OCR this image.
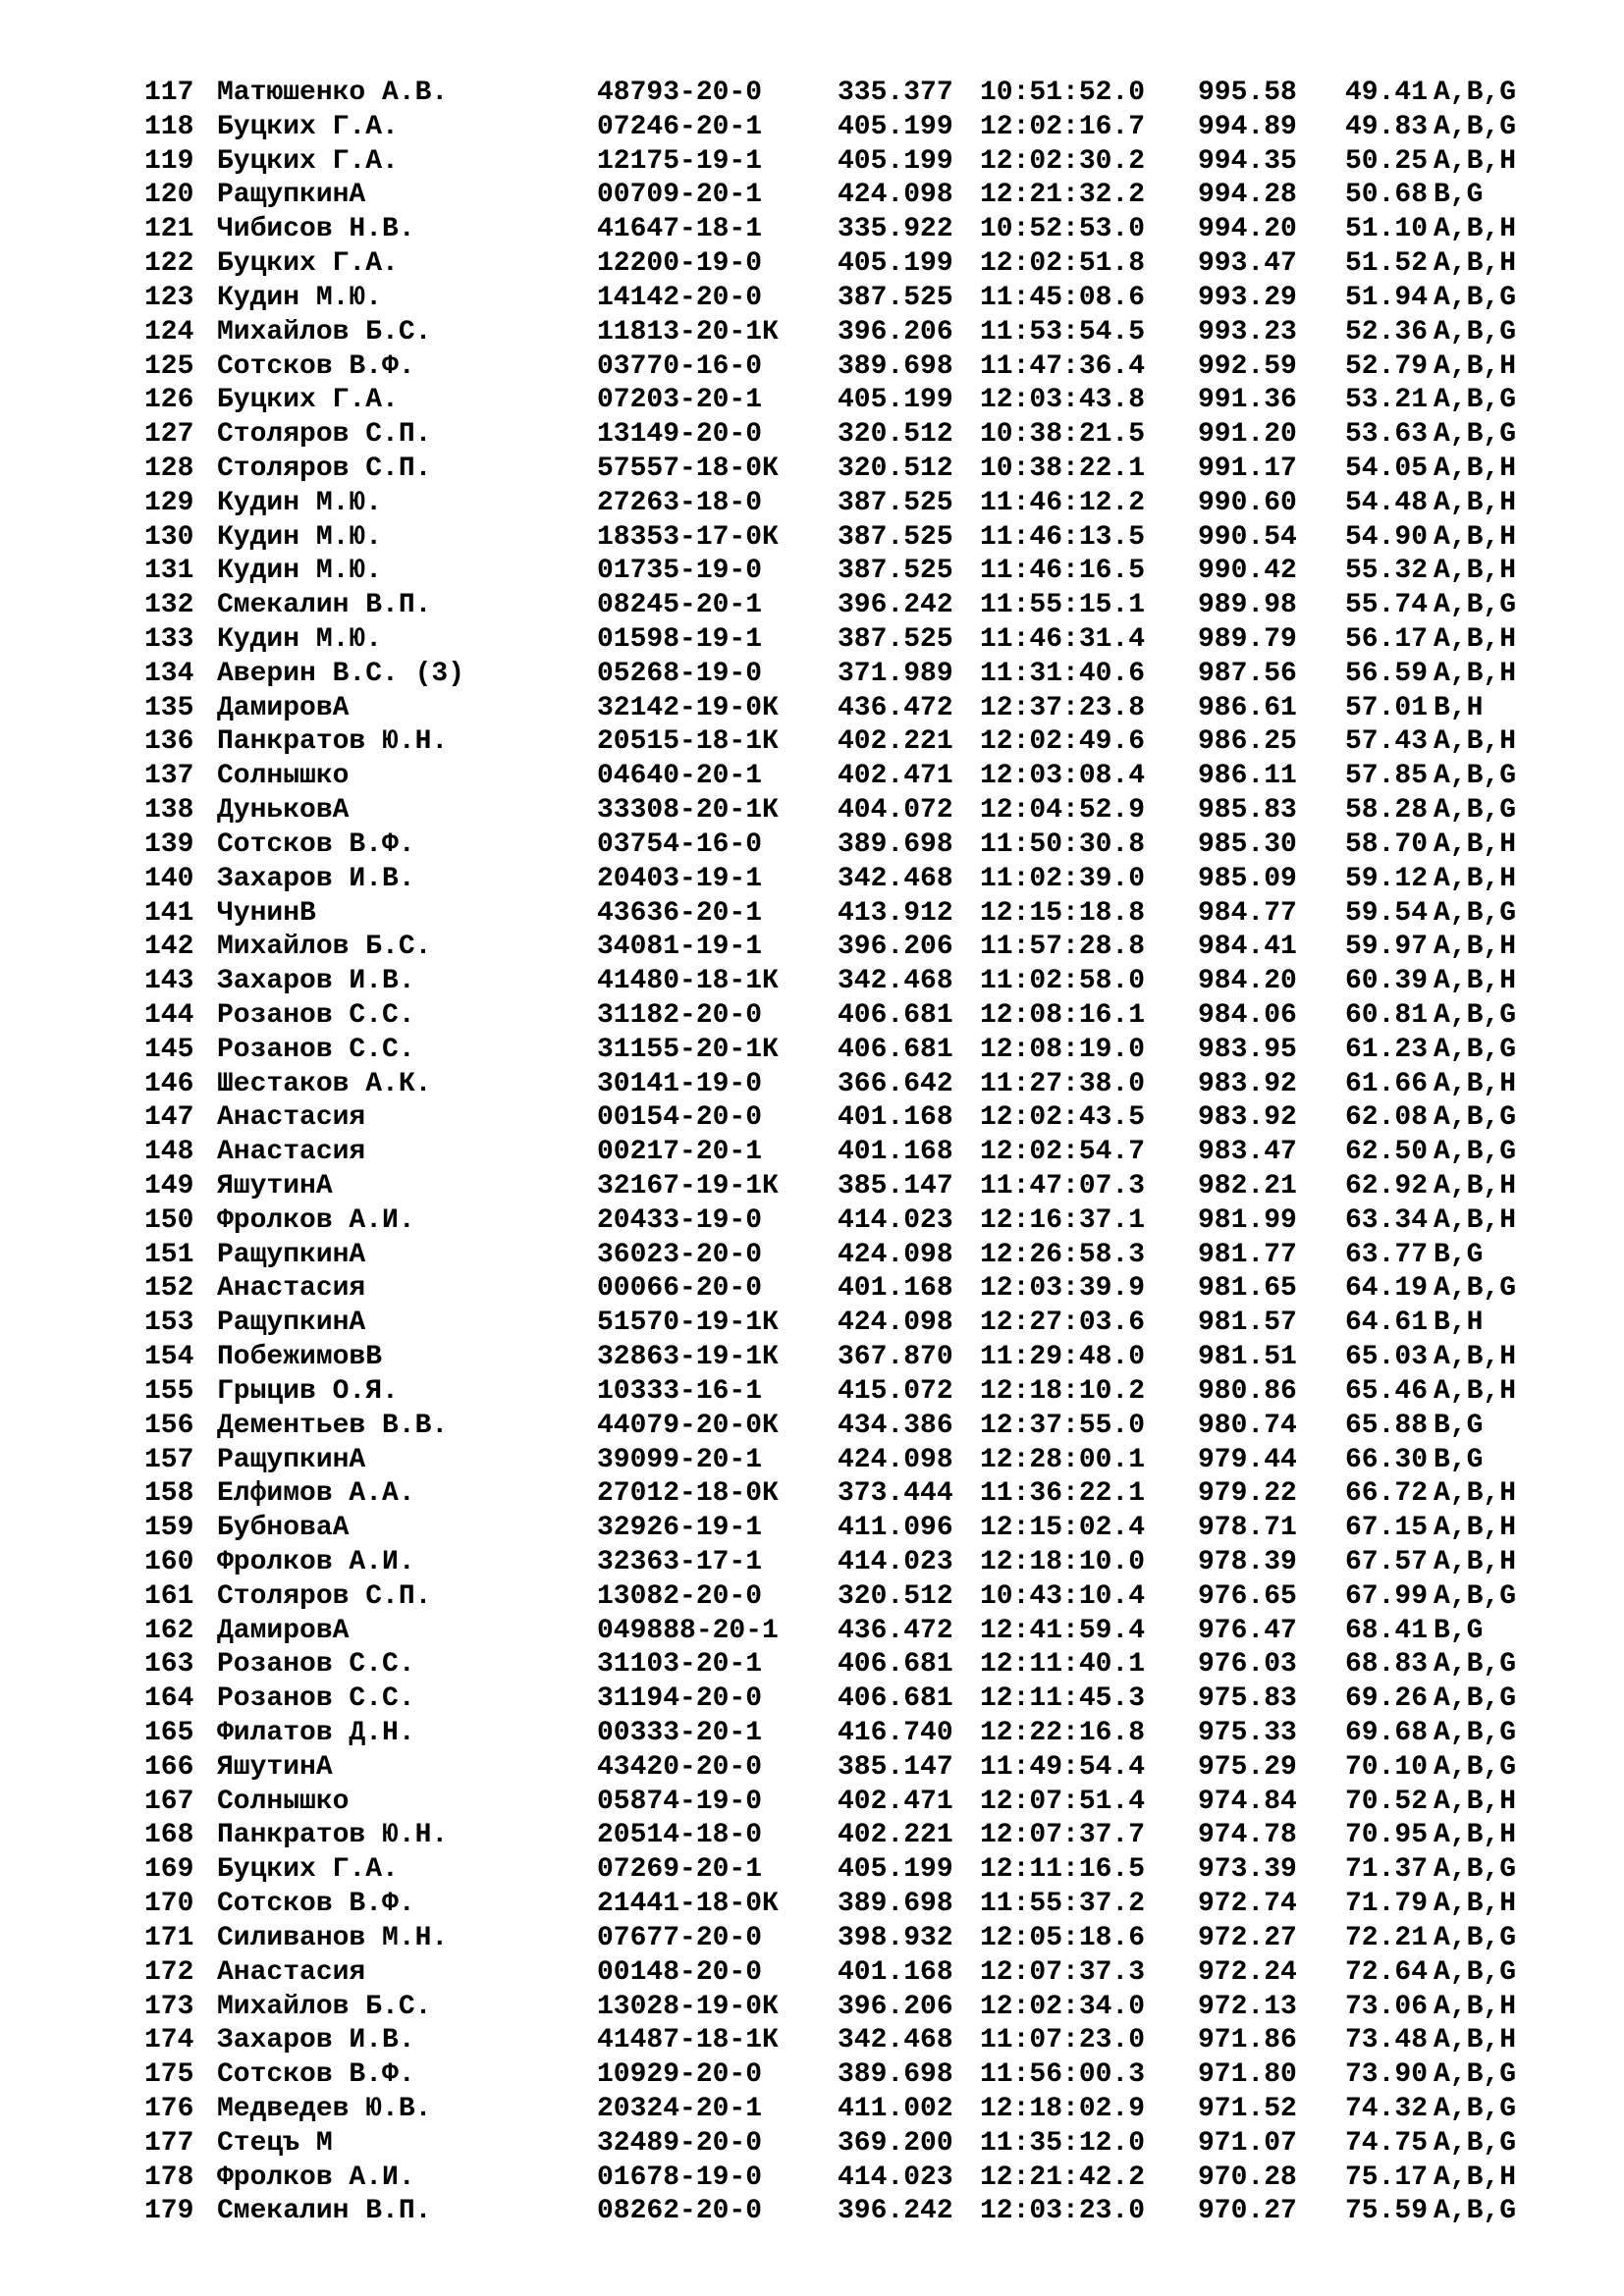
117 Матюшенко А.В.	48793-20-0	335.377 10:51:52.0 995.58 49.41 A,B,G
118 Буцких Г.А.	07246-20-1	405.199 12:02:16.7 994.89 49.83 A,B,G
119 Буцких Г.А.	12175-19-1	405.199 12:02:30.2 994.35 50.25 A,B,H
120 РащупкинА	00709-20-1	424.098 12:21:32.2 994.28 50.68 B,G
121 Чибисов Н.В.	41647-18-1	335.922 10:52:53.0 994.20 51.10 A,B,H
122 Буцких Г.А.	12200-19-0	405.199 12:02:51.8 993.47 51.52 A,B,H
123 Кудин М.Ю.	14142-20-0	387.525 11:45:08.6 993.29 51.94 A,B,G
124 Михайлов Б.С.	11813-20-1К 396.206 11:53:54.5 993.23 52.36 A,B,G
125 Сотсков В.Ф.	03770-16-0	389.698 11:47:36.4 992.59 52.79 A,B,H
126 Буцких Г.А.	07203-20-1	405.199 12:03:43.8 991.36 53.21 A,B,G
127 Столяров С.П.	13149-20-0	320.512 10:38:21.5 991.20 53.63 A,B,G
128 Столяров С.П.	57557-18-0К 320.512 10:38:22.1 991.17 54.05 A,B,H
129 Кудин М.Ю.	27263-18-0	387.525 11:46:12.2 990.60 54.48 A,B,H
130 Кудин М.Ю.	18353-17-0К 387.525 11:46:13.5 990.54 54.90 A,B,H
131 Кудин М.Ю.	01735-19-0	387.525 11:46:16.5 990.42 55.32 A,B,H
132 Смекалин В.П.	08245-20-1	396.242 11:55:15.1 989.98 55.74 A,B,G
133 Кудин М.Ю.	01598-19-1	387.525 11:46:31.4 989.79 56.17 A,B,H
134 Аверин В.С. (3)	05268-19-0	371.989 11:31:40.6 987.56 56.59 A,B,H
135 ДамировА	32142-19-0К 436.472 12:37:23.8 986.61 57.01 B,H
136 Панкратов Ю.Н.	20515-18-1К 402.221 12:02:49.6 986.25 57.43 A,B,H
137 Солнышко	04640-20-1	402.471 12:03:08.4 986.11 57.85 A,B,G
138 ДуньковА	33308-20-1К 404.072 12:04:52.9 985.83 58.28 A,B,G
139 Сотсков В.Ф.	03754-16-0	389.698 11:50:30.8 985.30 58.70 A,B,H
140 Захаров И.В.	20403-19-1	342.468 11:02:39.0 985.09 59.12 A,B,H
141 ЧунинВ	43636-20-1	413.912 12:15:18.8 984.77 59.54 A,B,G
142 Михайлов Б.С.	34081-19-1	396.206 11:57:28.8 984.41 59.97 A,B,H
143 Захаров И.В.	41480-18-1К 342.468 11:02:58.0 984.20 60.39 A,B,H
144 Розанов С.С.	31182-20-0	406.681 12:08:16.1 984.06 60.81 A,B,G
145 Розанов С.С.	31155-20-1К 406.681 12:08:19.0 983.95 61.23 A,B,G
146 Шестаков А.К.	30141-19-0	366.642 11:27:38.0 983.92 61.66 A,B,H
147 Анастасия	00154-20-0	401.168 12:02:43.5 983.92 62.08 A,B,G
148 Анастасия	00217-20-1	401.168 12:02:54.7 983.47 62.50 A,B,G
149 ЯшутинА	32167-19-1К 385.147 11:47:07.3 982.21 62.92 A,B,H
150 Фролков А.И.	20433-19-0	414.023 12:16:37.1 981.99 63.34 A,B,H
151 РащупкинА	36023-20-0	424.098 12:26:58.3 981.77 63.77 B,G
152 Анастасия	00066-20-0	401.168 12:03:39.9 981.65 64.19 A,B,G
153 РащупкинА	51570-19-1К 424.098 12:27:03.6 981.57 64.61 B,H
154 ПобежимовВ	32863-19-1К 367.870 11:29:48.0 981.51 65.03 A,B,H
155 Грыцив О.Я.	10333-16-1	415.072 12:18:10.2 980.86 65.46 A,B,H
156 Дементьев В.В.	44079-20-0К 434.386 12:37:55.0 980.74 65.88 B,G
157 РащупкинА	39099-20-1	424.098 12:28:00.1 979.44 66.30 B,G
158 Елфимов А.А.	27012-18-0К 373.444 11:36:22.1 979.22 66.72 A,B,H
159 БубноваA	32926-19-1	411.096 12:15:02.4 978.71 67.15 A,B,H
160 Фролков А.И.	32363-17-1	414.023 12:18:10.0 978.39 67.57 A,B,H
161 Столяров С.П.	13082-20-0	320.512 10:43:10.4 976.65 67.99 A,B,G
162 ДамировА	049888-20-1 436.472 12:41:59.4 976.47 68.41 B,G
163 Розанов С.С.	31103-20-1	406.681 12:11:40.1 976.03 68.83 A,B,G
164 Розанов С.С.	31194-20-0	406.681 12:11:45.3 975.83 69.26 A,B,G
165 Филатов Д.Н.	00333-20-1	416.740 12:22:16.8 975.33 69.68 A,B,G
166 ЯшутинА	43420-20-0	385.147 11:49:54.4 975.29 70.10 A,B,G
167 Солнышко	05874-19-0	402.471 12:07:51.4 974.84 70.52 A,B,H
168 Панкратов Ю.Н.	20514-18-0	402.221 12:07:37.7 974.78 70.95 A,B,H
169 Буцких Г.А.	07269-20-1	405.199 12:11:16.5 973.39 71.37 A,B,G
170 Сотсков В.Ф.	21441-18-0К 389.698 11:55:37.2 972.74 71.79 A,B,H
171 Силиванов М.Н.	07677-20-0	398.932 12:05:18.6 972.27 72.21 A,B,G
172 Анастасия	00148-20-0	401.168 12:07:37.3 972.24 72.64 A,B,G
173 Михайлов Б.С.	13028-19-0К 396.206 12:02:34.0 972.13 73.06 A,B,H
174 Захаров И.В.	41487-18-1К 342.468 11:07:23.0 971.86 73.48 A,B,H
175 Сотсков В.Ф.	10929-20-0	389.698 11:56:00.3 971.80 73.90 A,B,G
176 Медведев Ю.В.	20324-20-1	411.002 12:18:02.9 971.52 74.32 A,B,G
177 Стецъ М	32489-20-0	369.200 11:35:12.0 971.07 74.75 A,B,G
178 Фролков А.И.	01678-19-0	414.023 12:21:42.2 970.28 75.17 A,B,H
179 Смекалин В.П.	08262-20-0	396.242 12:03:23.0 970.27 75.59 A,B,G
